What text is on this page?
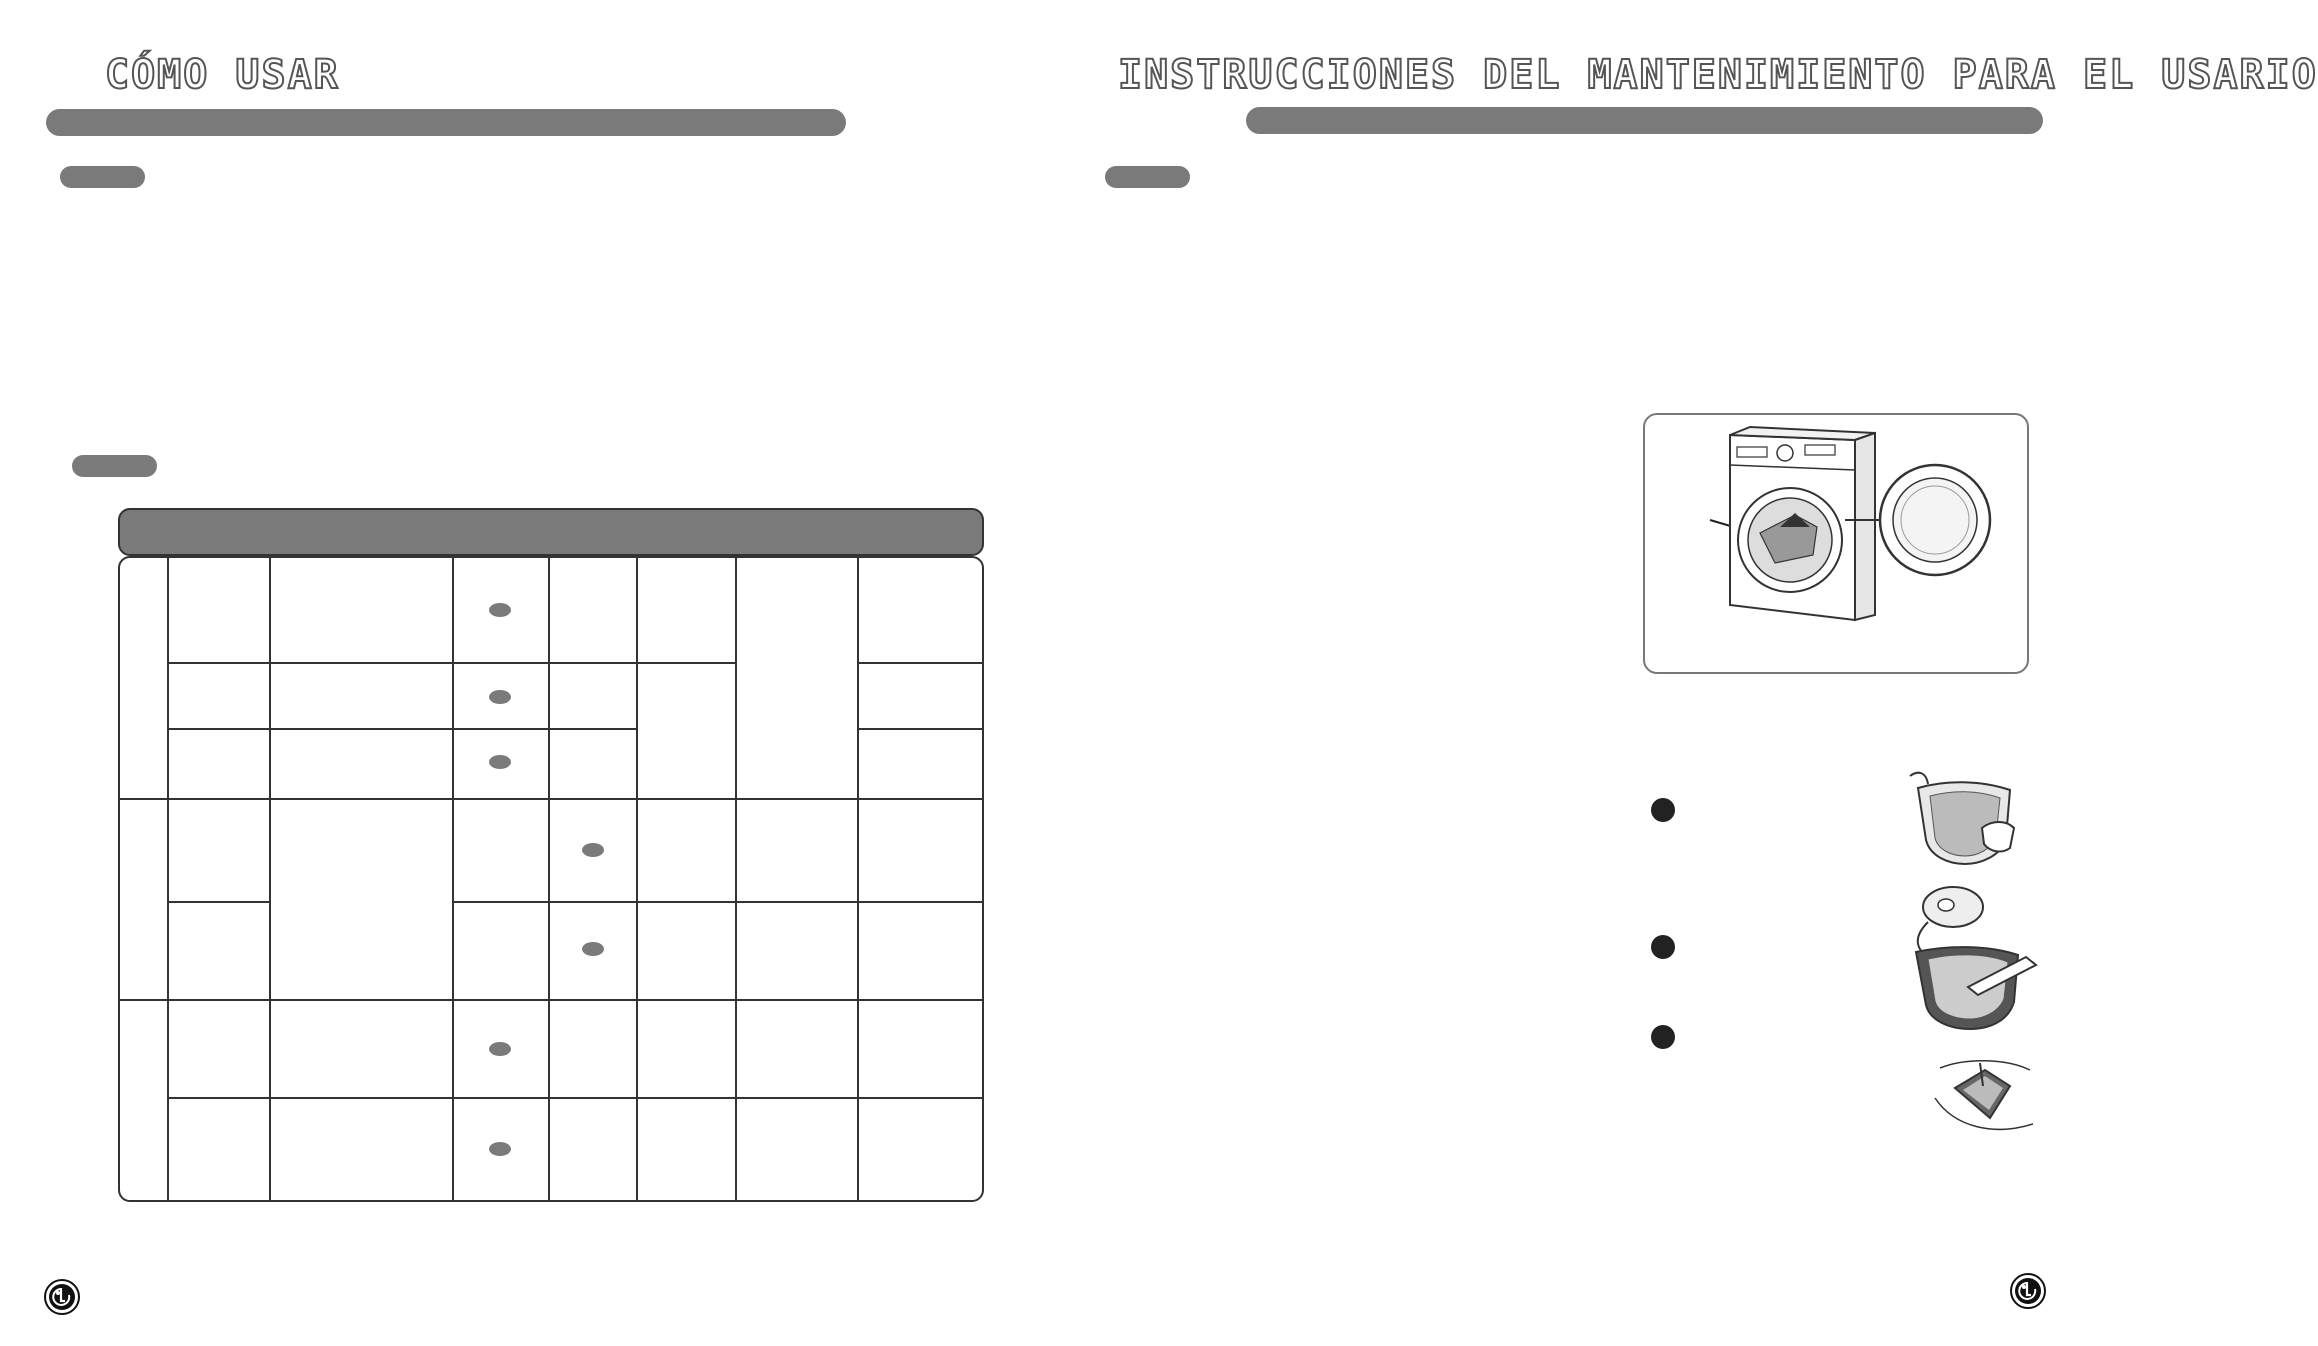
CÓMO USAR	INSTRUCCIONES DEL MANTENIMIENTO PARA EL USARIO
